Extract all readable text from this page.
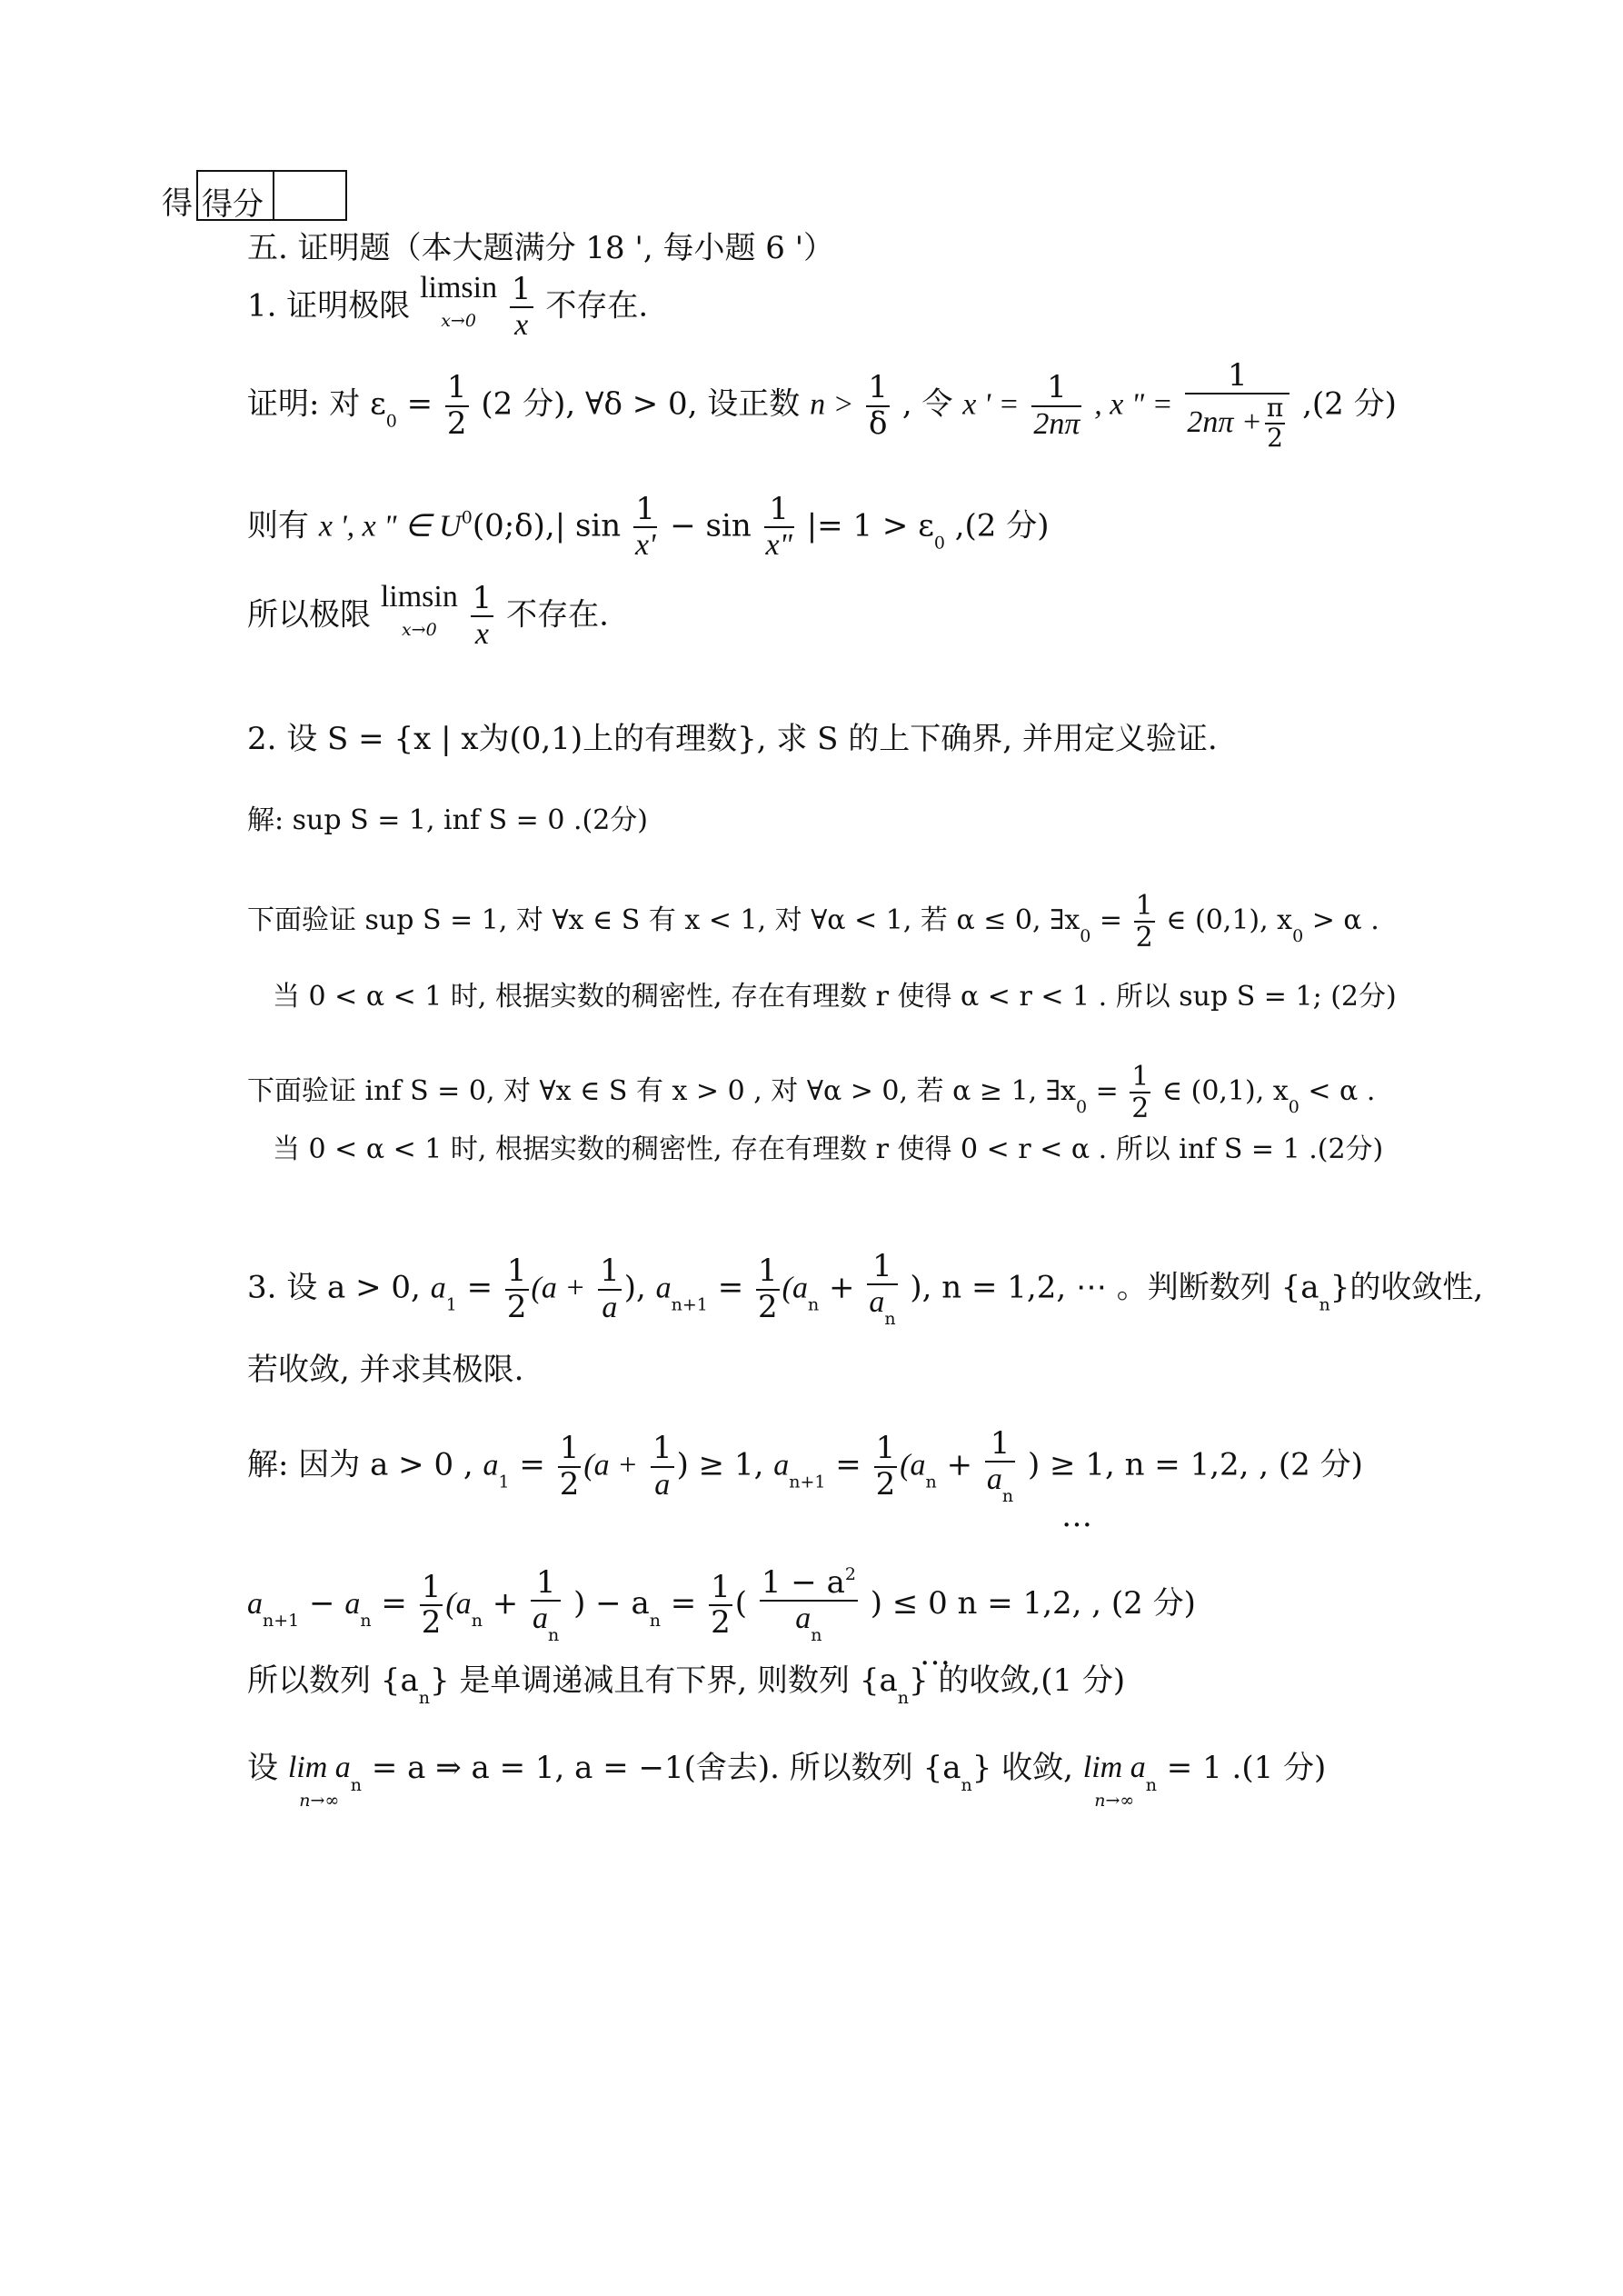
得 得分
五. 证明题（本大题满分 18 ', 每小题 6 '）
1. 证明极限 limsin
x→0
	$\frac{1}{x}$ 不存在.
证明: 对 $\varepsilon_0 = \frac{1}{2} (2$ 分), ∀δ > 0, 设正数 $n > \frac{1}{\delta}$ , 令 x ' = $\frac{1}{2n\pi}$ , x " = $\frac{1}{2n\pi + \frac{\pi}{2}} ,(2$ 分)
则有 x ', x " ∈ $U^0(0;\delta),|$ $\sin \frac{1}{x'} - \sin \frac{1}{x"}$ |= $1 > \varepsilon_0$ ,(2 分)
所以极限 limsin
x→0
	$\frac{1}{x}$ 不存在.
2. 设 S = {x | x为(0,1)上的有理数}, 求 S 的上下确界, 并用定义验证.
解: sup S = 1, inf S = 0 .(2分)
下面验证 sup S = 1, 对 ∀x ∈ S 有 x < 1, 对 ∀α < 1, 若 α ≤ 0, $\exists x_0 = \frac{1}{2}$ ∈ (0,1), $x_0 > \alpha$ .
当 0 < α < 1 时, 根据实数的稠密性, 存在有理数 r 使得 α < r < 1 . 所以 sup S = 1; (2分)
下面验证 inf S = 0, 对 ∀x ∈ S 有 x > 0 , 对 ∀α > 0, 若 α ≥ 1, $\exists x_0 = \frac{1}{2}$ ∈ (0,1), $x_0 < \alpha$ .
当 0 < α < 1 时, 根据实数的稠密性, 存在有理数 r 使得 0 < r < α . 所以 inf S = 1 .(2分)
3. 设 a > 0, $a_1 = \frac{1}{2} (a + \frac{1}{a}$ ), $a_{n+1} = \frac{1}{2} (a_n + \frac{1}{a_n}$ ), n = 1,2, ⋯ 。判断数列 $\{a_n\}$的收敛性,
若收敛, 并求其极限.
解: 因为 a > 0 , $a_1 = \frac{1}{2} (a + \frac{1}{a}$ ) ≥ 1, $a_{n+1} = \frac{1}{2} (a_n + \frac{1}{a_n}$ ) ≥ 1, n = 1,2, , (2 分)
…
$a_{n+1} - a_n = \frac{1}{2} (a_n + \frac{1}{a_n}$ ) − $a_n = \frac{1}{2}$ ( $\frac{1 - a^2}{a_n}$ ) ≤ 0 n = 1,2, , (2 分)
…
所以数列 $\{a_n\}$ 是单调递减且有下界, 则数列 $\{a_n\}$ 的收敛,(1 分)
设 lim a
n→∞
$_n$ = a ⇒ a = 1, a = −1(舍去). 所以数列 $\{a_n\}$ 收敛, lim a
n→∞
$_n$ = 1 .(1 分)
